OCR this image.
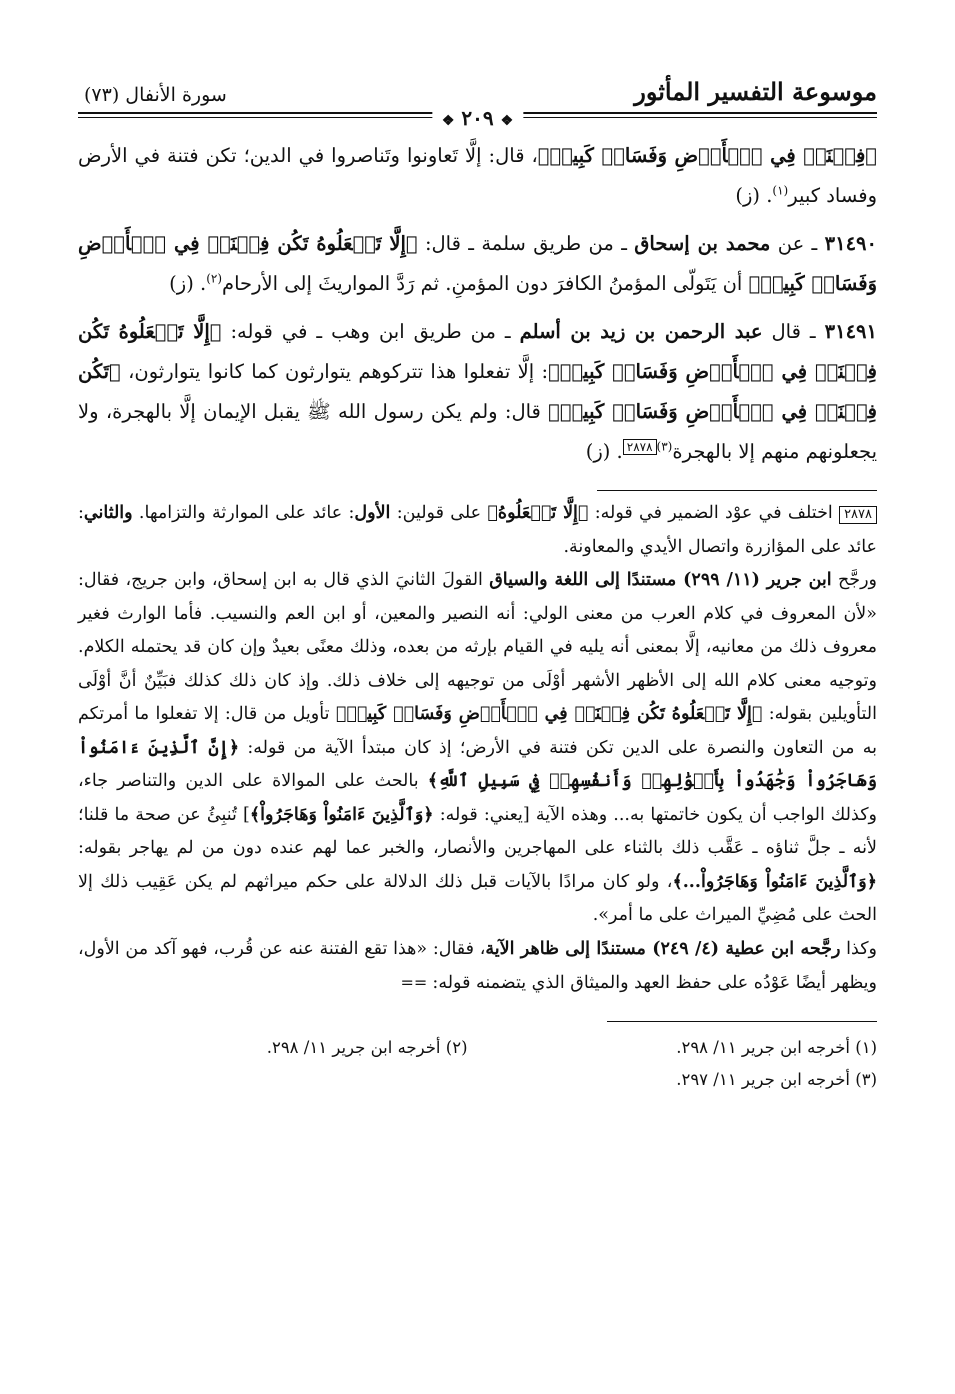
موسوعة التفسير المأثور
سورة الأنفال (٧٣)
❖ ٢٠٩ ❖

﴿فِتۡنَةٞ فِي ٱلۡأَرۡضِ وَفَسَادٞ كَبِيرٞ﴾، قال: إلَّا تَعاونوا وتَناصروا في الدين؛ تكن فتنة في الأرض وفساد كبير$^{(١)}$. (ز)

٣١٤٩٠ ـ عن محمد بن إسحاق ـ من طريق سلمة ـ قال: ﴿إِلَّا تَفۡعَلُوهُ تَكُن فِتۡنَةٞ فِي ٱلۡأَرۡضِ وَفَسَادٞ كَبِيرٞ﴾ أن يَتَولّى المؤمنُ الكافرَ دون المؤمنِ. ثم رَدَّ المواريثَ إلى الأرحام$^{(٢)}$. (ز)

٣١٤٩١ ـ قال عبد الرحمن بن زيد بن أسلم ـ من طريق ابن وهب ـ في قوله: ﴿إِلَّا تَفۡعَلُوهُ تَكُن فِتۡنَةٞ فِي ٱلۡأَرۡضِ وَفَسَادٞ كَبِيرٞ﴾: إلَّا تفعلوا هذا تتركوهم يتوارثون كما كانوا يتوارثون، ﴿تَكُن فِتۡنَةٞ فِي ٱلۡأَرۡضِ وَفَسَادٞ كَبِيرٞ﴾ قال: ولم يكن رسول الله ﷺ يقبل الإيمان إلَّا بالهجرة، ولا يجعلونهم منهم إلا بالهجرة$^{(٣)}$٢٨٧٨. (ز)

٢٨٧٨ اختلف في عوْد الضمير في قوله: ﴿إِلَّا تَفۡعَلُوهُ﴾ على قولين: الأول: عائد على الموارثة والتزامها. والثاني: عائد على المؤازرة واتصال الأيدي والمعاونة.

ورجَّح ابن جرير (١١/ ٢٩٩) مستندًا إلى اللغة والسياق القولَ الثانيَ الذي قال به ابن إسحاق، وابن جريج، فقال: «لأن المعروف في كلام العرب من معنى الولي: أنه النصير والمعين، أو ابن العم والنسيب. فأما الوارث فغير معروف ذلك من معانيه، إلَّا بمعنى أنه يليه في القيام بإرثه من بعده، وذلك معنًى بعيدٌ وإن كان قد يحتمله الكلام. وتوجيه معنى كلام الله إلى الأظهر الأشهر أوْلَى من توجيهه إلى خلاف ذلك. وإذ كان ذلك كذلك فبَيِّنٌ أنَّ أوْلَى التأويلين بقوله: ﴿إِلَّا تَفۡعَلُوهُ تَكُن فِتۡنَةٞ فِي ٱلۡأَرۡضِ وَفَسَادٞ كَبِيرٞ﴾ تأويل من قال: إلا تفعلوا ما أمرتكم به من التعاون والنصرة على الدين تكن فتنة في الأرض؛ إذ كان مبتدأ الآية من قوله: ﴿إِنَّ ٱلَّذِينَ ءَامَنُواْ وَهَاجَرُواْ وَجَٰهَدُواْ بِأَمۡوَٰلِهِمۡ وَأَنفُسِهِمۡ فِي سَبِيلِ ٱللَّهِ﴾ بالحث على الموالاة على الدين والتناصر جاء، وكذلك الواجب أن يكون خاتمتها به... وهذه الآية [يعني: قوله: ﴿وَٱلَّذِينَ ءَامَنُواْ وَهَاجَرُواْ﴾] تُنبِئُ عن صحة ما قلنا؛ لأنه ـ جلَّ ثناؤه ـ عَقَّب ذلك بالثناء على المهاجرين والأنصار، والخبر عما لهم عنده دون من لم يهاجر بقوله: ﴿وَٱلَّذِينَ ءَامَنُواْ وَهَاجَرُواْ...﴾، ولو كان مرادًا بالآيات قبل ذلك الدلالة على حكم ميراثهم لم يكن عَقِيب ذلك إلا الحث على مُضِيِّ الميراث على ما أمر».

وكذا رجَّحه ابن عطية (٤/ ٢٤٩) مستندًا إلى ظاهر الآية، فقال: «هذا تقع الفتنة عنه عن قُرب، فهو آكد من الأول، ويظهر أيضًا عَوْدُه على حفظ العهد والميثاق الذي يتضمنه قوله: ==

(١) أخرجه ابن جرير ١١/ ٢٩٨.
(٢) أخرجه ابن جرير ١١/ ٢٩٨.
(٣) أخرجه ابن جرير ١١/ ٢٩٧.
